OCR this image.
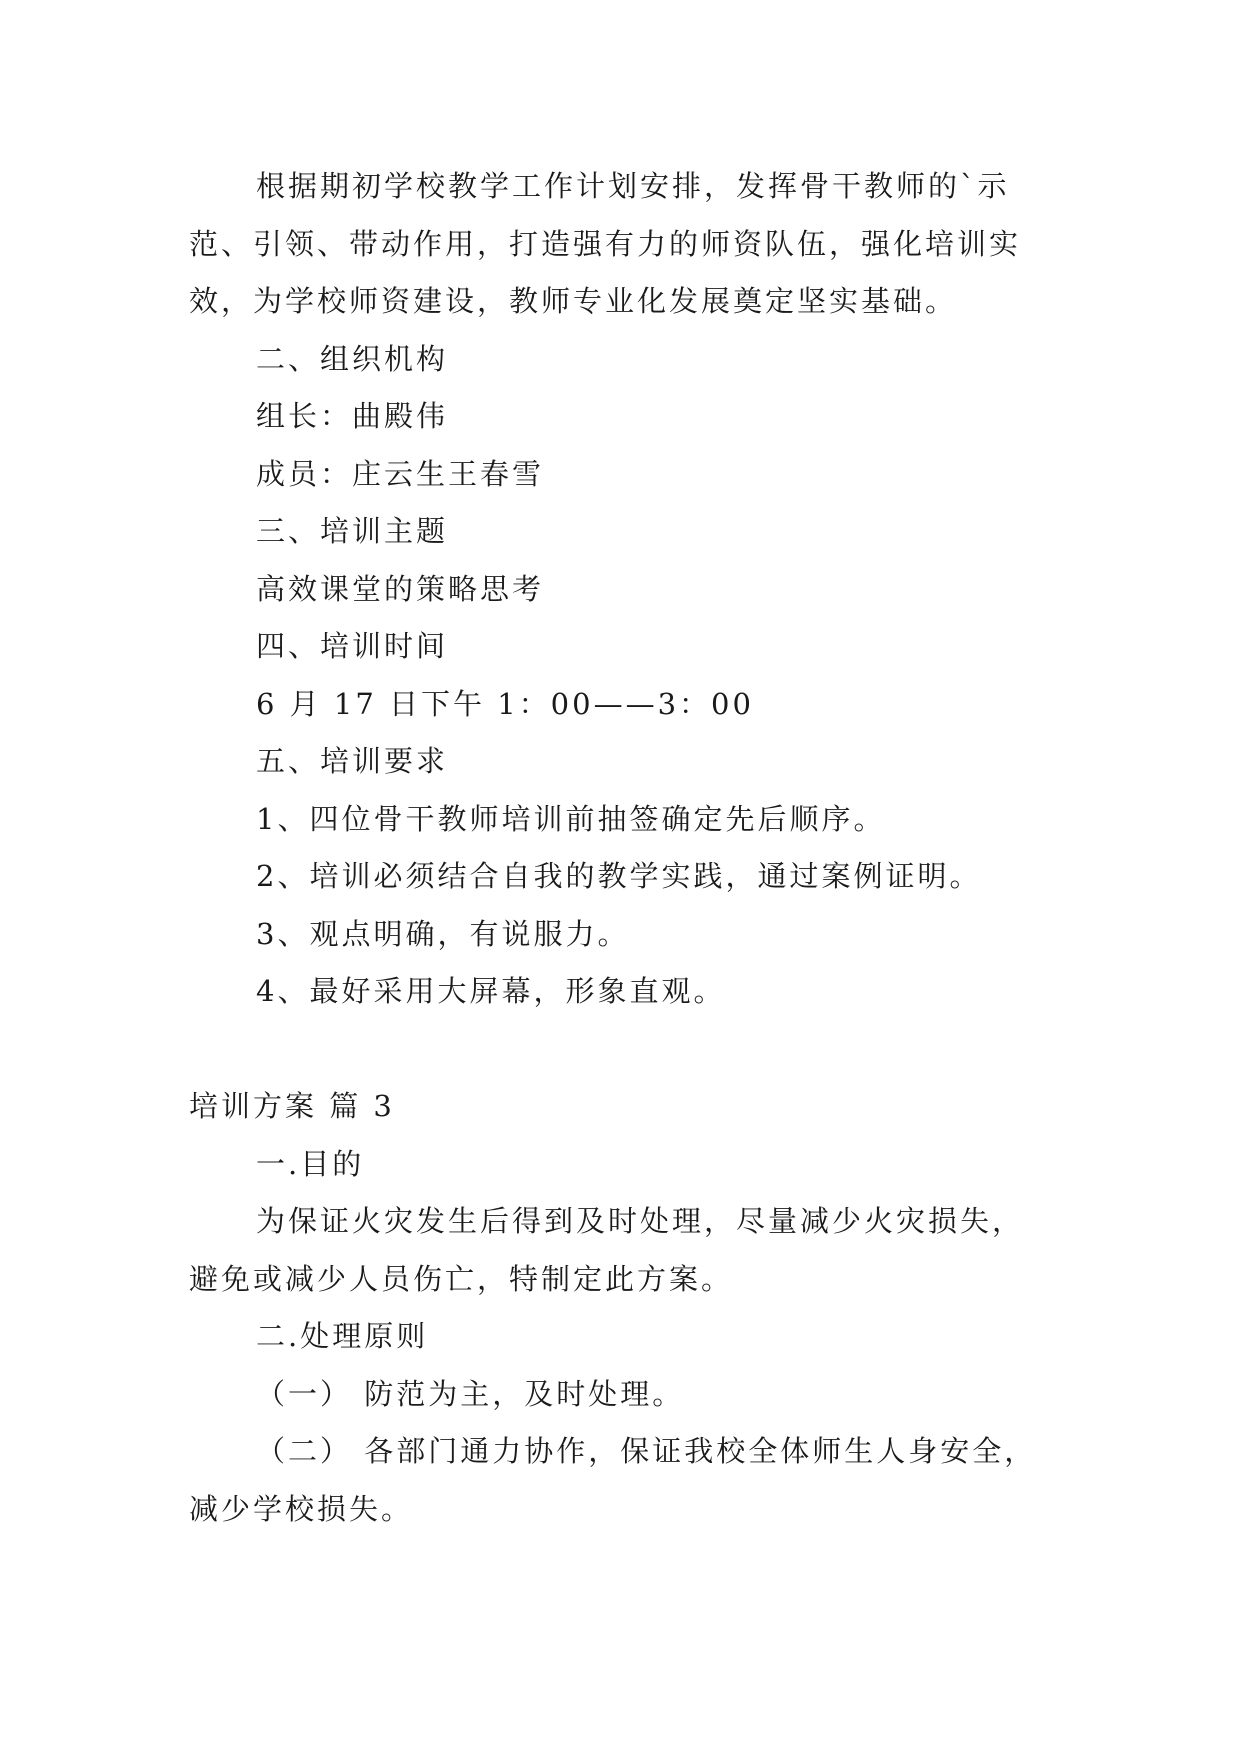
根据期初学校教学工作计划安排，发挥骨干教师的`示
范、引领、带动作用，打造强有力的师资队伍，强化培训实
效，为学校师资建设，教师专业化发展奠定坚实基础。
二、组织机构
组长：曲殿伟
成员：庄云生王春雪
三、培训主题
高效课堂的策略思考
四、培训时间
6 月 17 日下午 1：00——3：00
五、培训要求
1、四位骨干教师培训前抽签确定先后顺序。
2、培训必须结合自我的教学实践，通过案例证明。
3、观点明确，有说服力。
4、最好采用大屏幕，形象直观。
培训方案 篇 3
一.目的
为保证火灾发生后得到及时处理，尽量减少火灾损失，
避免或减少人员伤亡，特制定此方案。
二.处理原则
（一） 防范为主，及时处理。
（二） 各部门通力协作，保证我校全体师生人身安全，
减少学校损失。
